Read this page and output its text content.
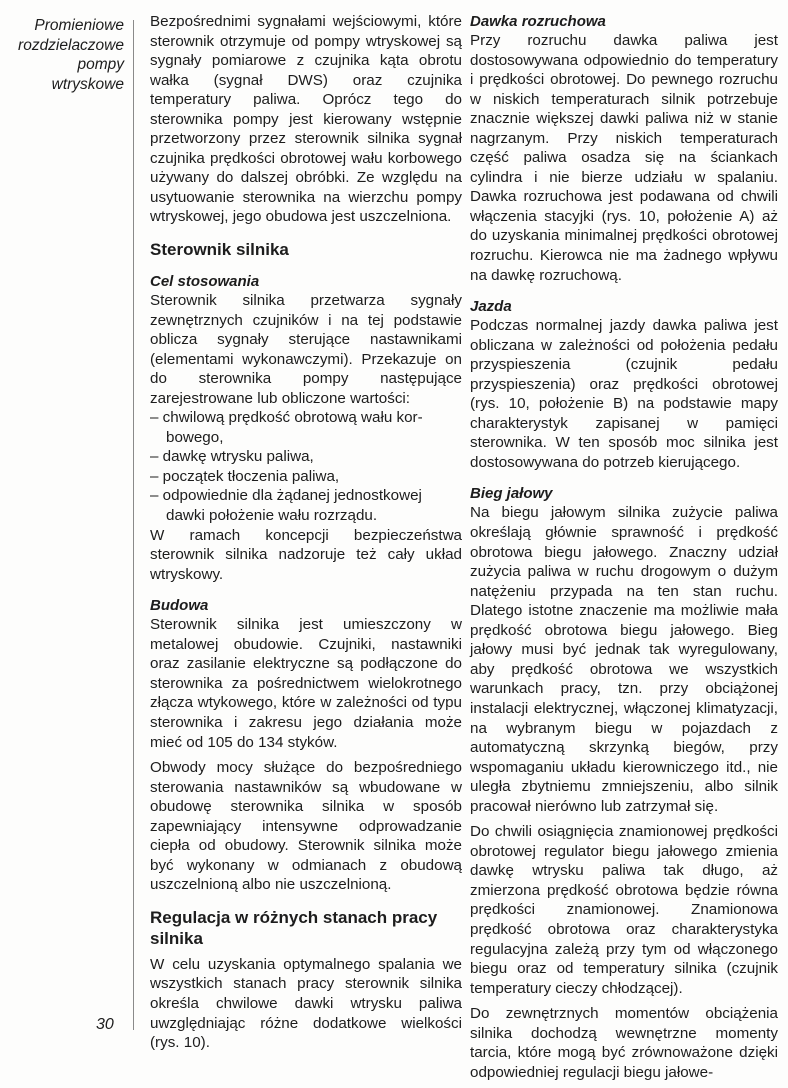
Promieniowe
rozdzielaczowe
pompy
wtryskowe
30

Bezpośrednimi sygnałami wejściowymi, które sterownik otrzymuje od pompy wtryskowej są sygnały pomiarowe z czujnika kąta obrotu wałka (sygnał DWS) oraz czujnika temperatury paliwa. Oprócz tego do sterownika pompy jest kierowany wstępnie przetworzony przez sterownik silnika sygnał czujnika prędkości obrotowej wału korbowego używany do dalszej obróbki. Ze względu na usytuowanie sterownika na wierzchu pompy wtryskowej, jego obudowa jest uszczelniona.

Sterownik silnika
Cel stosowania

Sterownik silnika przetwarza sygnały zewnętrznych czujników i na tej podstawie oblicza sygnały sterujące nastawnikami (elementami wykonawczymi). Przekazuje on do sterownika pompy następujące zarejestrowane lub obliczone wartości:

– chwilową prędkość obrotową wału kor-
bowego,
– dawkę wtrysku paliwa,
– początek tłoczenia paliwa,
– odpowiednie dla żądanej jednostkowej
dawki położenie wału rozrządu.

W ramach koncepcji bezpieczeństwa sterownik silnika nadzoruje też cały układ wtryskowy.

Budowa

Sterownik silnika jest umieszczony w metalowej obudowie. Czujniki, nastawniki oraz zasilanie elektryczne są podłączone do sterownika za pośrednictwem wielokrotnego złącza wtykowego, które w zależności od typu sterownika i zakresu jego działania może mieć od 105 do 134 styków.

Obwody mocy służące do bezpośredniego sterowania nastawników są wbudowane w obudowę sterownika silnika w sposób zapewniający intensywne odprowadzanie ciepła od obudowy. Sterownik silnika może być wykonany w odmianach z obudową uszczelnioną albo nie uszczelnioną.

Regulacja w różnych stanach pracy silnika

W celu uzyskania optymalnego spalania we wszystkich stanach pracy sterownik silnika określa chwilowe dawki wtrysku paliwa uwzględniając różne dodatkowe wielkości (rys. 10).

Dawka rozruchowa

Przy rozruchu dawka paliwa jest dostosowywana odpowiednio do temperatury i prędkości obrotowej. Do pewnego rozruchu w niskich temperaturach silnik potrzebuje znacznie większej dawki paliwa niż w stanie nagrzanym. Przy niskich temperaturach część paliwa osadza się na ściankach cylindra i nie bierze udziału w spalaniu. Dawka rozruchowa jest podawana od chwili włączenia stacyjki (rys. 10, położenie A) aż do uzyskania minimalnej prędkości obrotowej rozruchu. Kierowca nie ma żadnego wpływu na dawkę rozruchową.

Jazda

Podczas normalnej jazdy dawka paliwa jest obliczana w zależności od położenia pedału przyspieszenia (czujnik pedału przyspieszenia) oraz prędkości obrotowej (rys. 10, położenie B) na podstawie mapy charakterystyk zapisanej w pamięci sterownika. W ten sposób moc silnika jest dostosowywana do potrzeb kierującego.

Bieg jałowy

Na biegu jałowym silnika zużycie paliwa określają głównie sprawność i prędkość obrotowa biegu jałowego. Znaczny udział zużycia paliwa w ruchu drogowym o dużym natężeniu przypada na ten stan ruchu. Dlatego istotne znaczenie ma możliwie mała prędkość obrotowa biegu jałowego. Bieg jałowy musi być jednak tak wyregulowany, aby prędkość obrotowa we wszystkich warunkach pracy, tzn. przy obciążonej instalacji elektrycznej, włączonej klimatyzacji, na wybranym biegu w pojazdach z automatyczną skrzynką biegów, przy wspomaganiu układu kierowniczego itd., nie uległa zbytniemu zmniejszeniu, albo silnik pracował nierówno lub zatrzymał się.

Do chwili osiągnięcia znamionowej prędkości obrotowej regulator biegu jałowego zmienia dawkę wtrysku paliwa tak długo, aż zmierzona prędkość obrotowa będzie równa prędkości znamionowej. Znamionowa prędkość obrotowa oraz charakterystyka regulacyjna zależą przy tym od włączonego biegu oraz od temperatury silnika (czujnik temperatury cieczy chłodzącej).

Do zewnętrznych momentów obciążenia silnika dochodzą wewnętrzne momenty tarcia, które mogą być zrównoważone dzięki odpowiedniej regulacji biegu jałowe-
